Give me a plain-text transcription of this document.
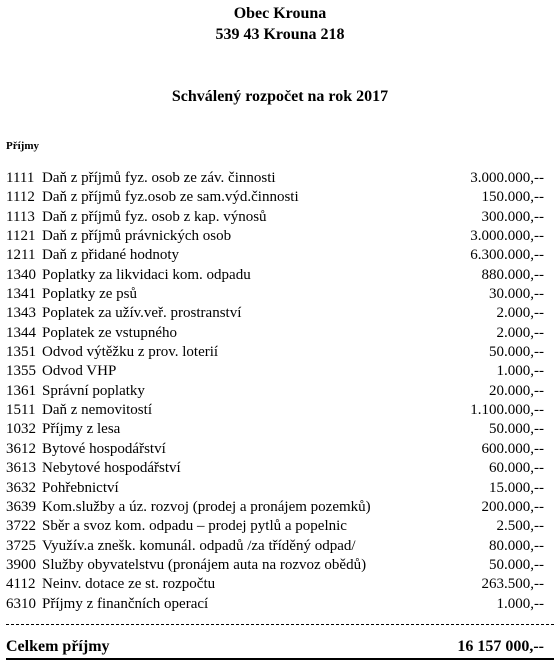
Obec Krouna
539 43 Krouna 218
Schválený rozpočet na rok 2017
Příjmy
1111 Daň z příjmů fyz. osob ze záv. činnosti	3.000.000,--
1112 Daň z příjmů fyz.osob ze sam.výd.činnosti	150.000,--
1113 Daň z příjmů fyz. osob z kap. výnosů	300.000,--
1121 Daň z příjmů právnických osob	3.000.000,--
1211 Daň z přidané hodnoty	6.300.000,--
1340 Poplatky za likvidaci kom. odpadu	880.000,--
1341 Poplatky ze psů	30.000,--
1343 Poplatek za užív.veř. prostranství	2.000,--
1344 Poplatek ze vstupného	2.000,--
1351 Odvod výtěžku z prov. loterií	50.000,--
1355 Odvod VHP	1.000,--
1361 Správní poplatky	20.000,--
1511 Daň z nemovitostí	1.100.000,--
1032 Příjmy z lesa	50.000,--
3612 Bytové hospodářství	600.000,--
3613 Nebytové hospodářství	60.000,--
3632 Pohřebnictví	15.000,--
3639 Kom.služby a úz. rozvoj (prodej a pronájem pozemků)	200.000,--
3722 Sběr a svoz kom. odpadu – prodej pytlů a popelnic	2.500,--
3725 Využív.a znešk. komunál. odpadů /za tříděný odpad/	80.000,--
3900 Služby obyvatelstvu (pronájem auta na rozvoz obědů)	50.000,--
4112 Neinv. dotace ze st. rozpočtu	263.500,--
6310 Příjmy z finančních operací	1.000,--
Celkem příjmy	16 157 000,--
